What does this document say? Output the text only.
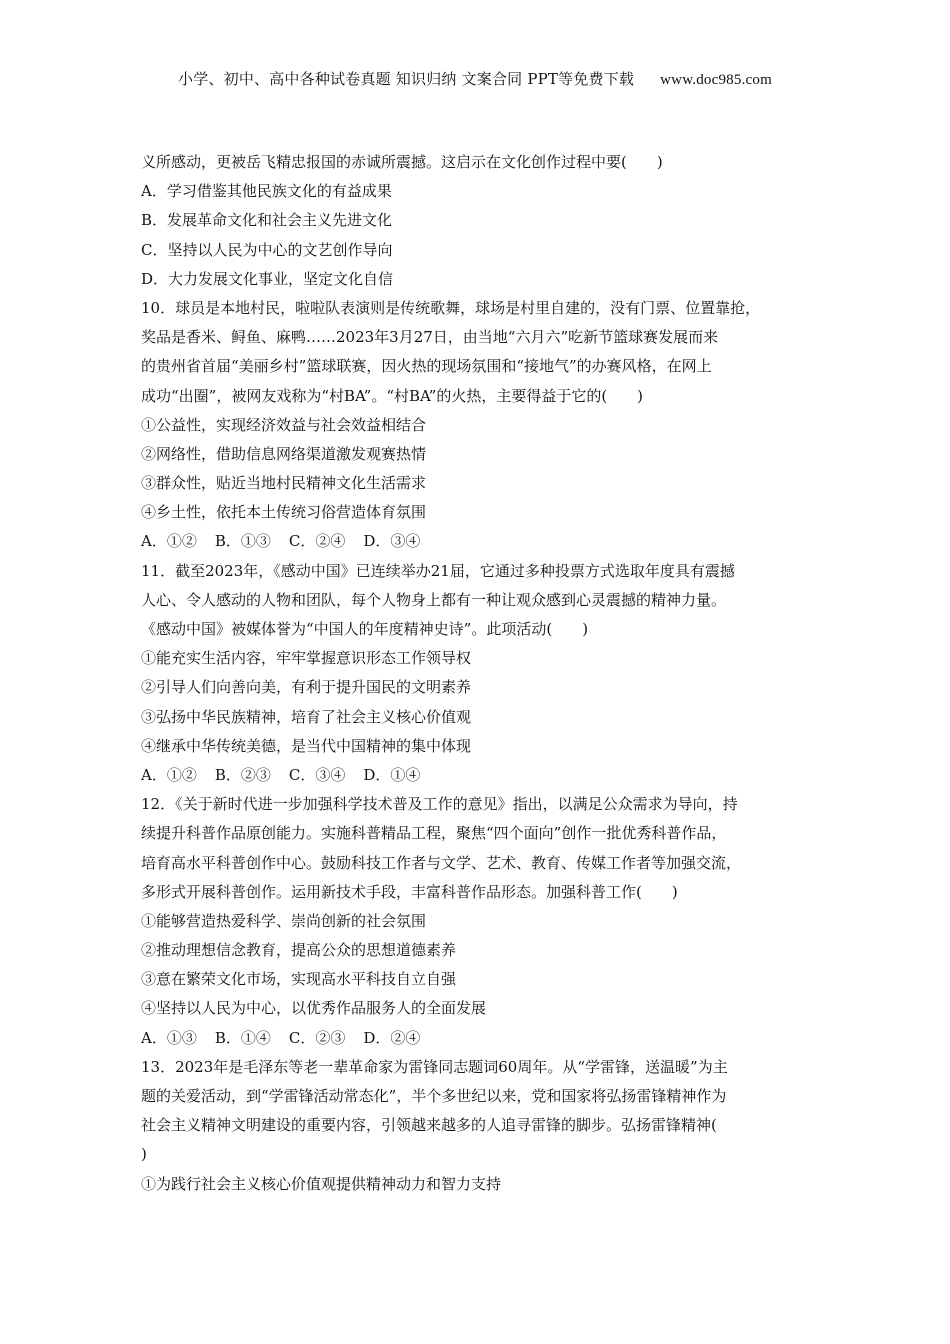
小学、初中、高中各种试卷真题 知识归纳 文案合同 PPT等免费下载 www.doc985.com
义所感动，更被岳飞精忠报国的赤诚所震撼。这启示在文化创作过程中要(　　)
A．学习借鉴其他民族文化的有益成果
B．发展革命文化和社会主义先进文化
C．坚持以人民为中心的文艺创作导向
D．大力发展文化事业，坚定文化自信
10．球员是本地村民，啦啦队表演则是传统歌舞，球场是村里自建的，没有门票、位置靠抢，
奖品是香米、鲟鱼、麻鸭……2023年3月27日，由当地“六月六”吃新节篮球赛发展而来
的贵州省首届“美丽乡村”篮球联赛，因火热的现场氛围和“接地气”的办赛风格，在网上
成功“出圈”，被网友戏称为“村BA”。“村BA”的火热，主要得益于它的(　　)
①公益性，实现经济效益与社会效益相结合
②网络性，借助信息网络渠道激发观赛热情
③群众性，贴近当地村民精神文化生活需求
④乡土性，依托本土传统习俗营造体育氛围
A．①② B．①③ C．②④ D．③④
11．截至2023年，《感动中国》已连续举办21届，它通过多种投票方式选取年度具有震撼
人心、令人感动的人物和团队，每个人物身上都有一种让观众感到心灵震撼的精神力量。
《感动中国》被媒体誉为“中国人的年度精神史诗”。此项活动(　　)
①能充实生活内容，牢牢掌握意识形态工作领导权
②引导人们向善向美，有利于提升国民的文明素养
③弘扬中华民族精神，培育了社会主义核心价值观
④继承中华传统美德，是当代中国精神的集中体现
A．①② B．②③ C．③④ D．①④
12．《关于新时代进一步加强科学技术普及工作的意见》指出，以满足公众需求为导向，持
续提升科普作品原创能力。实施科普精品工程，聚焦“四个面向”创作一批优秀科普作品，
培育高水平科普创作中心。鼓励科技工作者与文学、艺术、教育、传媒工作者等加强交流，
多形式开展科普创作。运用新技术手段，丰富科普作品形态。加强科普工作(　　)
①能够营造热爱科学、崇尚创新的社会氛围
②推动理想信念教育，提高公众的思想道德素养
③意在繁荣文化市场，实现高水平科技自立自强
④坚持以人民为中心，以优秀作品服务人的全面发展
A．①③ B．①④ C．②③ D．②④
13．2023年是毛泽东等老一辈革命家为雷锋同志题词60周年。从“学雷锋，送温暖”为主
题的关爱活动，到“学雷锋活动常态化”，半个多世纪以来，党和国家将弘扬雷锋精神作为
社会主义精神文明建设的重要内容，引领越来越多的人追寻雷锋的脚步。弘扬雷锋精神(
)
①为践行社会主义核心价值观提供精神动力和智力支持
